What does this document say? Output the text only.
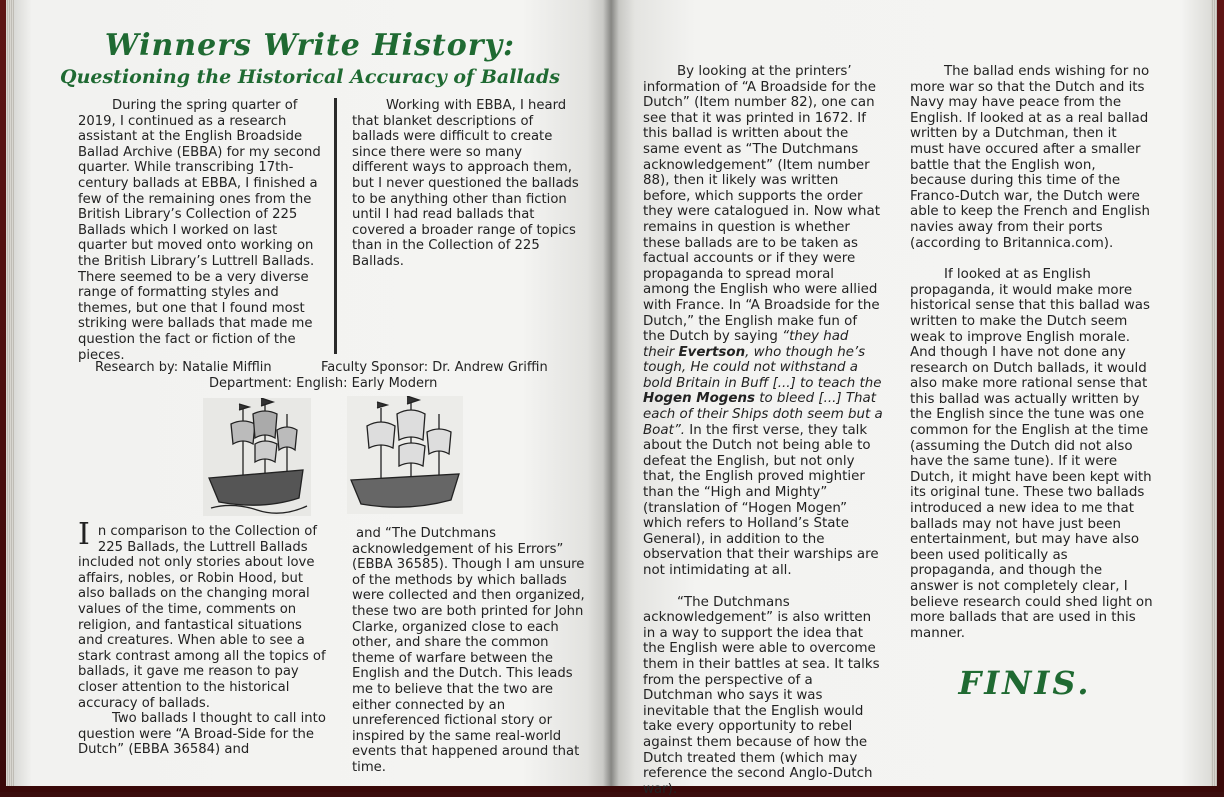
Winners Write History:
Questioning the Historical Accuracy of Ballads

During the spring quarter of 2019, I continued as a research assistant at the English Broadside Ballad Archive (EBBA) for my second quarter. While transcribing 17th-century ballads at EBBA, I finished a few of the remaining ones from the British Library’s Collection of 225 Ballads which I worked on last quarter but moved onto working on the British Library’s Luttrell Ballads. There seemed to be a very diverse range of formatting styles and themes, but one that I found most striking were ballads that made me question the fact or fiction of the pieces.

Working with EBBA, I heard that blanket descriptions of ballads were difficult to create since there were so many different ways to approach them, but I never questioned the ballads to be anything other than fiction until I had read ballads that covered a broader range of topics than in the Collection of 225 Ballads.

Research by: Natalie Mifflin	Faculty Sponsor: Dr. Andrew Griffin
Department: English: Early Modern
I n comparison to the Collection of 225 Ballads, the Luttrell Ballads included not only stories about love affairs, nobles, or Robin Hood, but also ballads on the changing moral values of the time, comments on religion, and fantastical situations and creatures. When able to see a stark contrast among all the topics of ballads, it gave me reason to pay closer attention to the historical accuracy of ballads.

Two ballads I thought to call into question were “A Broad-Side for the Dutch” (EBBA 36584) and

and “The Dutchmans acknowledgement of his Errors” (EBBA 36585). Though I am unsure of the methods by which ballads were collected and then organized, these two are both printed for John Clarke, organized close to each other, and share the common theme of warfare between the English and the Dutch. This leads me to believe that the two are either connected by an unreferenced fictional story or inspired by the same real-world events that happened around that time.

By looking at the printers’ information of “A Broadside for the Dutch” (Item number 82), one can see that it was printed in 1672. If this ballad is written about the same event as “The Dutchmans acknowledgement” (Item number 88), then it likely was written before, which supports the order they were catalogued in. Now what remains in question is whether these ballads are to be taken as factual accounts or if they were propaganda to spread moral among the English who were allied with France. In “A Broadside for the Dutch,” the English make fun of the Dutch by saying “they had their Evertson, who though he’s tough, He could not withstand a bold Britain in Buff [...] to teach the Hogen Mogens to bleed [...] That each of their Ships doth seem but a Boat”. In the first verse, they talk about the Dutch not being able to defeat the English, but not only that, the English proved mightier than the “High and Mighty” (translation of “Hogen Mogen” which refers to Holland’s State General), in addition to the observation that their warships are not intimidating at all.

“The Dutchmans acknowledgement” is also written in a way to support the idea that the English were able to overcome them in their battles at sea. It talks from the perspective of a Dutchman who says it was inevitable that the English would take every opportunity to rebel against them because of how the Dutch treated them (which may reference the second Anglo-Dutch war).

The ballad ends wishing for no more war so that the Dutch and its Navy may have peace from the English. If looked at as a real ballad written by a Dutchman, then it must have occured after a smaller battle that the English won, because during this time of the Franco-Dutch war, the Dutch were able to keep the French and English navies away from their ports (according to Britannica.com).

If looked at as English propaganda, it would make more historical sense that this ballad was written to make the Dutch seem weak to improve English morale. And though I have not done any research on Dutch ballads, it would also make more rational sense that this ballad was actually written by the English since the tune was one common for the English at the time (assuming the Dutch did not also have the same tune). If it were Dutch, it might have been kept with its original tune. These two ballads introduced a new idea to me that ballads may not have just been entertainment, but may have also been used politically as propaganda, and though the answer is not completely clear, I believe research could shed light on more ballads that are used in this manner.

FINIS.
